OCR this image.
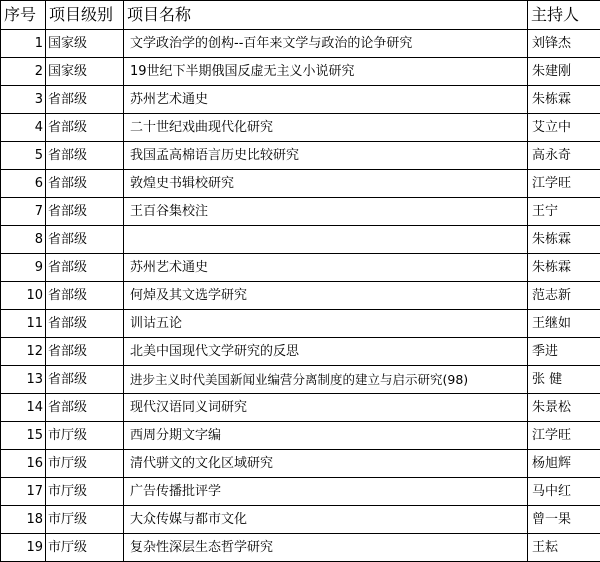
序号	项目级别	项目名称	主持人
1	国家级	文学政治学的创构--百年来文学与政治的论争研究	刘锋杰
2	国家级	19世纪下半期俄国反虚无主义小说研究	朱建刚
3	省部级	苏州艺术通史	朱栋霖
4	省部级	二十世纪戏曲现代化研究	艾立中
5	省部级	我国孟高棉语言历史比较研究	高永奇
6	省部级	敦煌史书辑校研究	江学旺
7	省部级	王百谷集校注	王宁
8	省部级		朱栋霖
9	省部级	苏州艺术通史	朱栋霖
10	省部级	何焯及其文选学研究	范志新
11	省部级	训诂五论	王继如
12	省部级	北美中国现代文学研究的反思	季进
13	省部级	进步主义时代美国新闻业编营分离制度的建立与启示研究(98)	张 健
14	省部级	现代汉语同义词研究	朱景松
15	市厅级	西周分期文字编	江学旺
16	市厅级	清代骈文的文化区域研究	杨旭辉
17	市厅级	广告传播批评学	马中红
18	市厅级	大众传媒与都市文化	曾一果
19	市厅级	复杂性深层生态哲学研究	王耘
